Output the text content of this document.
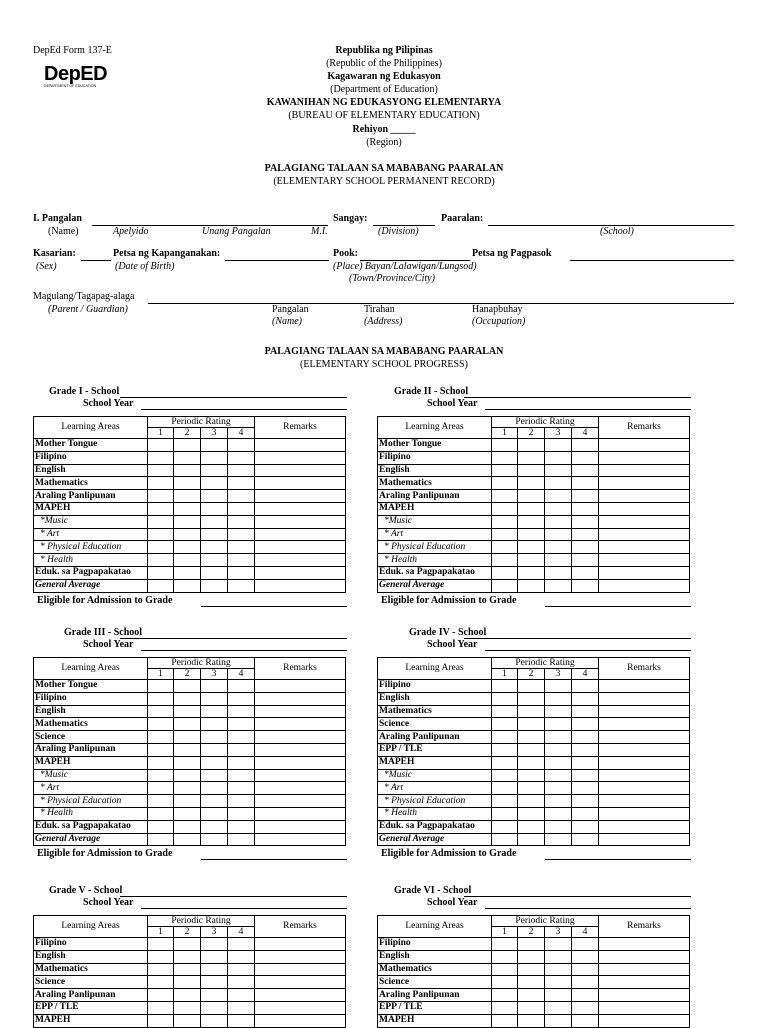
DepEd Form 137-E
DepED
DEPARTMENT OF EDUCATION
Republika ng Pilipinas
(Republic of the Philippines)
Kagawaran ng Edukasyon
(Department of Education)
KAWANIHAN NG EDUKASYONG ELEMENTARYA
(BUREAU OF ELEMENTARY EDUCATION)
Rehiyon _____
(Region)
PALAGIANG TALAAN SA MABABANG PAARALAN
(ELEMENTARY SCHOOL PERMANENT RECORD)
I. Pangalan
(Name)	Apelyido	Unang Pangalan	M.I.
Sangay:
(Division)
Paaralan:
(School)
Kasarian:
(Sex)
Petsa ng Kapanganakan:
(Date of Birth)
Pook:
(Place) Bayan/Lalawigan/Lungsod)
(Town/Province/City)
Petsa ng Pagpasok
Magulang/Tagapag-alaga
(Parent / Guardian)	Pangalan
(Name)
Tirahan
(Address)
Hanapbuhay
(Occupation)
PALAGIANG TALAAN SA MABABANG PAARALAN
(ELEMENTARY SCHOOL PROGRESS)
Grade I - School
School Year
Learning Areas	Periodic Rating				Remarks
	1	2	3	4	
Mother Tongue					
Filipino					
English					
Mathematics					
Araling Panlipunan					
MAPEH					
*Music					
* Art					
* Physical Education					
* Health					
Eduk. sa Pagpapakatao					
General Average					
Eligible for Admission to Grade
Grade II - School
School Year
Learning Areas	Periodic Rating				Remarks
	1	2	3	4	
Mother Tongue					
Filipino					
English					
Mathematics					
Araling Panlipunan					
MAPEH					
*Music					
* Art					
* Physical Education					
* Health					
Eduk. sa Pagpapakatao					
General Average					
Eligible for Admission to Grade
Grade III - School
School Year
Learning Areas	Periodic Rating				Remarks
	1	2	3	4	
Mother Tongue					
Filipino					
English					
Mathematics					
Science					
Araling Panlipunan					
MAPEH					
*Music					
* Art					
* Physical Education					
* Health					
Eduk. sa Pagpapakatao					
General Average					
Eligible for Admission to Grade
Grade IV - School
School Year
Learning Areas	Periodic Rating				Remarks
	1	2	3	4	
Filipino					
English					
Mathematics					
Science					
Araling Panlipunan					
EPP / TLE					
MAPEH					
*Music					
* Art					
* Physical Education					
* Health					
Eduk. sa Pagpapakatao					
General Average					
Eligible for Admission to Grade
Grade V - School
School Year
Learning Areas	Periodic Rating				Remarks
	1	2	3	4	
Filipino					
English					
Mathematics					
Science					
Araling Panlipunan					
EPP / TLE					
MAPEH					
Grade VI - School
School Year
Learning Areas	Periodic Rating				Remarks
	1	2	3	4	
Filipino					
English					
Mathematics					
Science					
Araling Panlipunan					
EPP / TLE					
MAPEH					
